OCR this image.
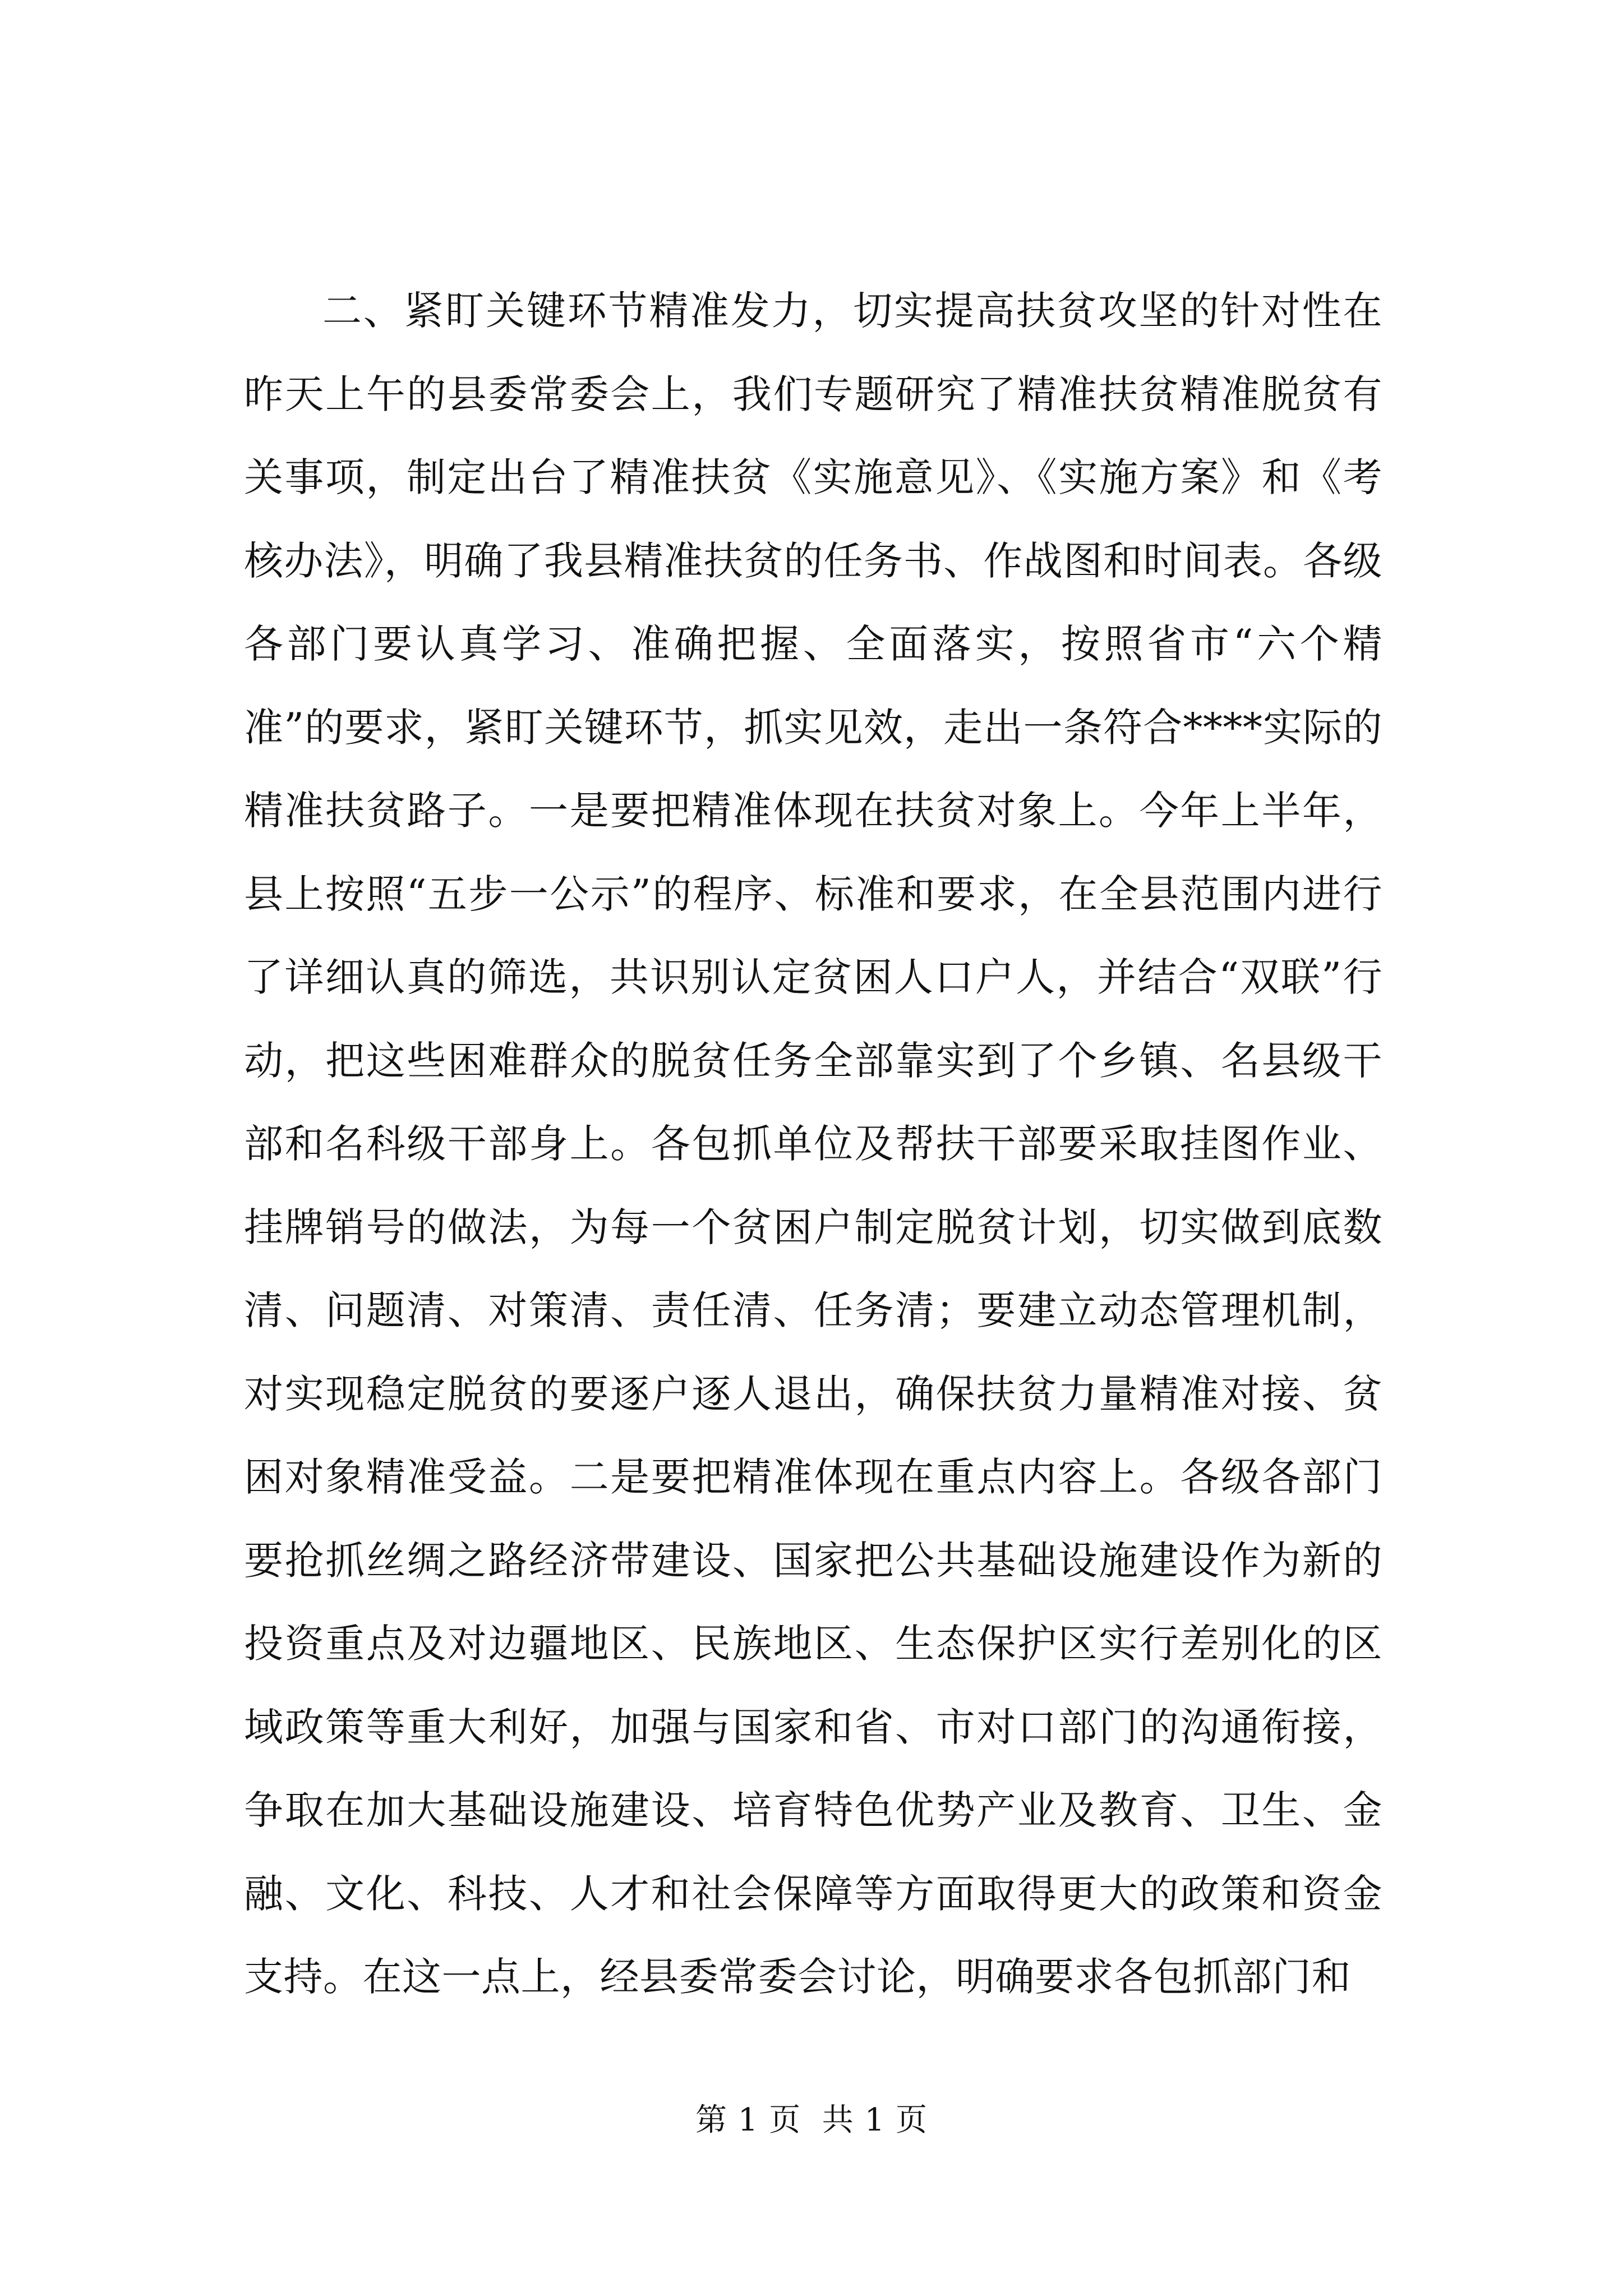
二、紧盯关键环节精准发力，切实提高扶贫攻坚的针对性在昨天上午的县委常委会上，我们专题研究了精准扶贫精准脱贫有关事项，制定出台了精准扶贫《实施意见》、《实施方案》和《考核办法》，明确了我县精准扶贫的任务书、作战图和时间表。各级各部门要认真学习、准确把握、全面落实，按照省市“六个精准”的要求，紧盯关键环节，抓实见效，走出一条符合****实际的精准扶贫路子。一是要把精准体现在扶贫对象上。今年上半年，县上按照“五步一公示”的程序、标准和要求，在全县范围内进行了详细认真的筛选，共识别认定贫困人口户人，并结合“双联”行动，把这些困难群众的脱贫任务全部靠实到了个乡镇、名县级干部和名科级干部身上。各包抓单位及帮扶干部要采取挂图作业、挂牌销号的做法，为每一个贫困户制定脱贫计划，切实做到底数清、问题清、对策清、责任清、任务清；要建立动态管理机制，对实现稳定脱贫的要逐户逐人退出，确保扶贫力量精准对接、贫困对象精准受益。二是要把精准体现在重点内容上。各级各部门要抢抓丝绸之路经济带建设、国家把公共基础设施建设作为新的投资重点及对边疆地区、民族地区、生态保护区实行差别化的区域政策等重大利好，加强与国家和省、市对口部门的沟通衔接，争取在加大基础设施建设、培育特色优势产业及教育、卫生、金融、文化、科技、人才和社会保障等方面取得更大的政策和资金支持。在这一点上，经县委常委会讨论，明确要求各包抓部门和

第 1 页  共 1 页
